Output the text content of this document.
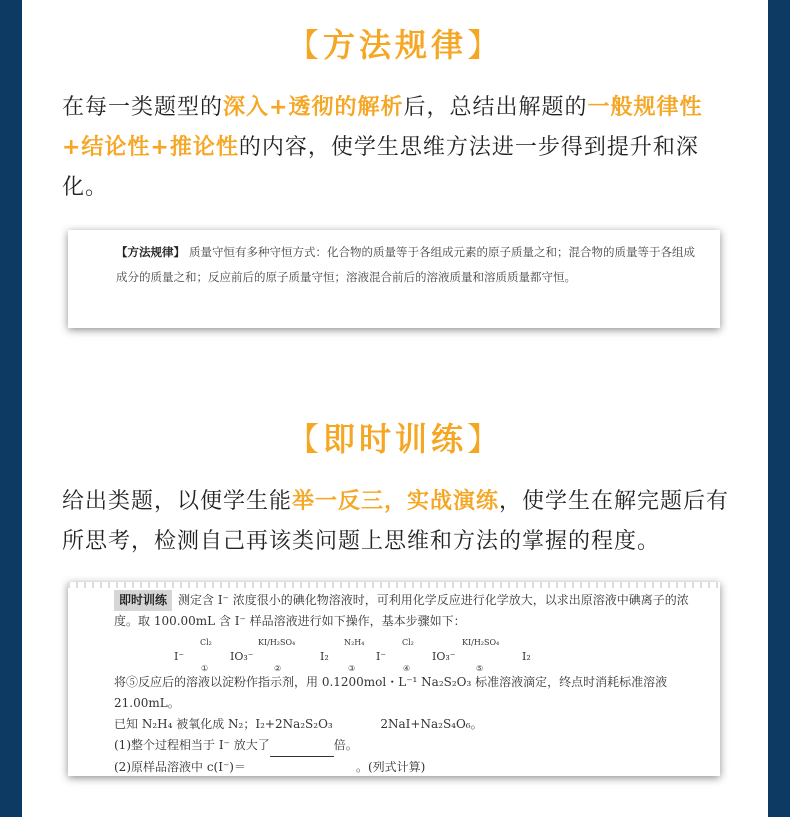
【方法规律】
在每一类题型的深入+透彻的解析后，总结出解题的一般规律性+结论性+推论性的内容，使学生思维方法进一步得到提升和深化。
【方法规律】 质量守恒有多种守恒方式：化合物的质量等于各组成元素的原子质量之和；混合物的质量等于各组成成分的质量之和；反应前后的原子质量守恒；溶液混合前后的溶液质量和溶质质量都守恒。
【即时训练】
给出类题，以便学生能举一反三，实战演练，使学生在解完题后有所思考，检测自己再该类问题上思维和方法的掌握的程度。
即时训练 测定含 I⁻ 浓度很小的碘化物溶液时，可利用化学反应进行化学放大，以求出原溶液中碘离子的浓度。取 100.00mL 含 I⁻ 样品溶液进行如下操作，基本步骤如下：
I⁻
Cl₂
①
IO₃⁻
KI/H₂SO₄
②
I₂
N₂H₄
③
I⁻
Cl₂
④
IO₃⁻
KI/H₂SO₄
⑤
I₂
将⑤反应后的溶液以淀粉作指示剂，用 0.1200mol・L⁻¹ Na₂S₂O₃ 标准溶液滴定，终点时消耗标准溶液 21.00mL。
已知 N₂H₄ 被氧化成 N₂；I₂+2Na₂S₂O₃	2NaI+Na₂S₄O₆。
(1)整个过程相当于 I⁻ 放大了	倍。
(2)原样品溶液中 c(I⁻)＝	。(列式计算)
